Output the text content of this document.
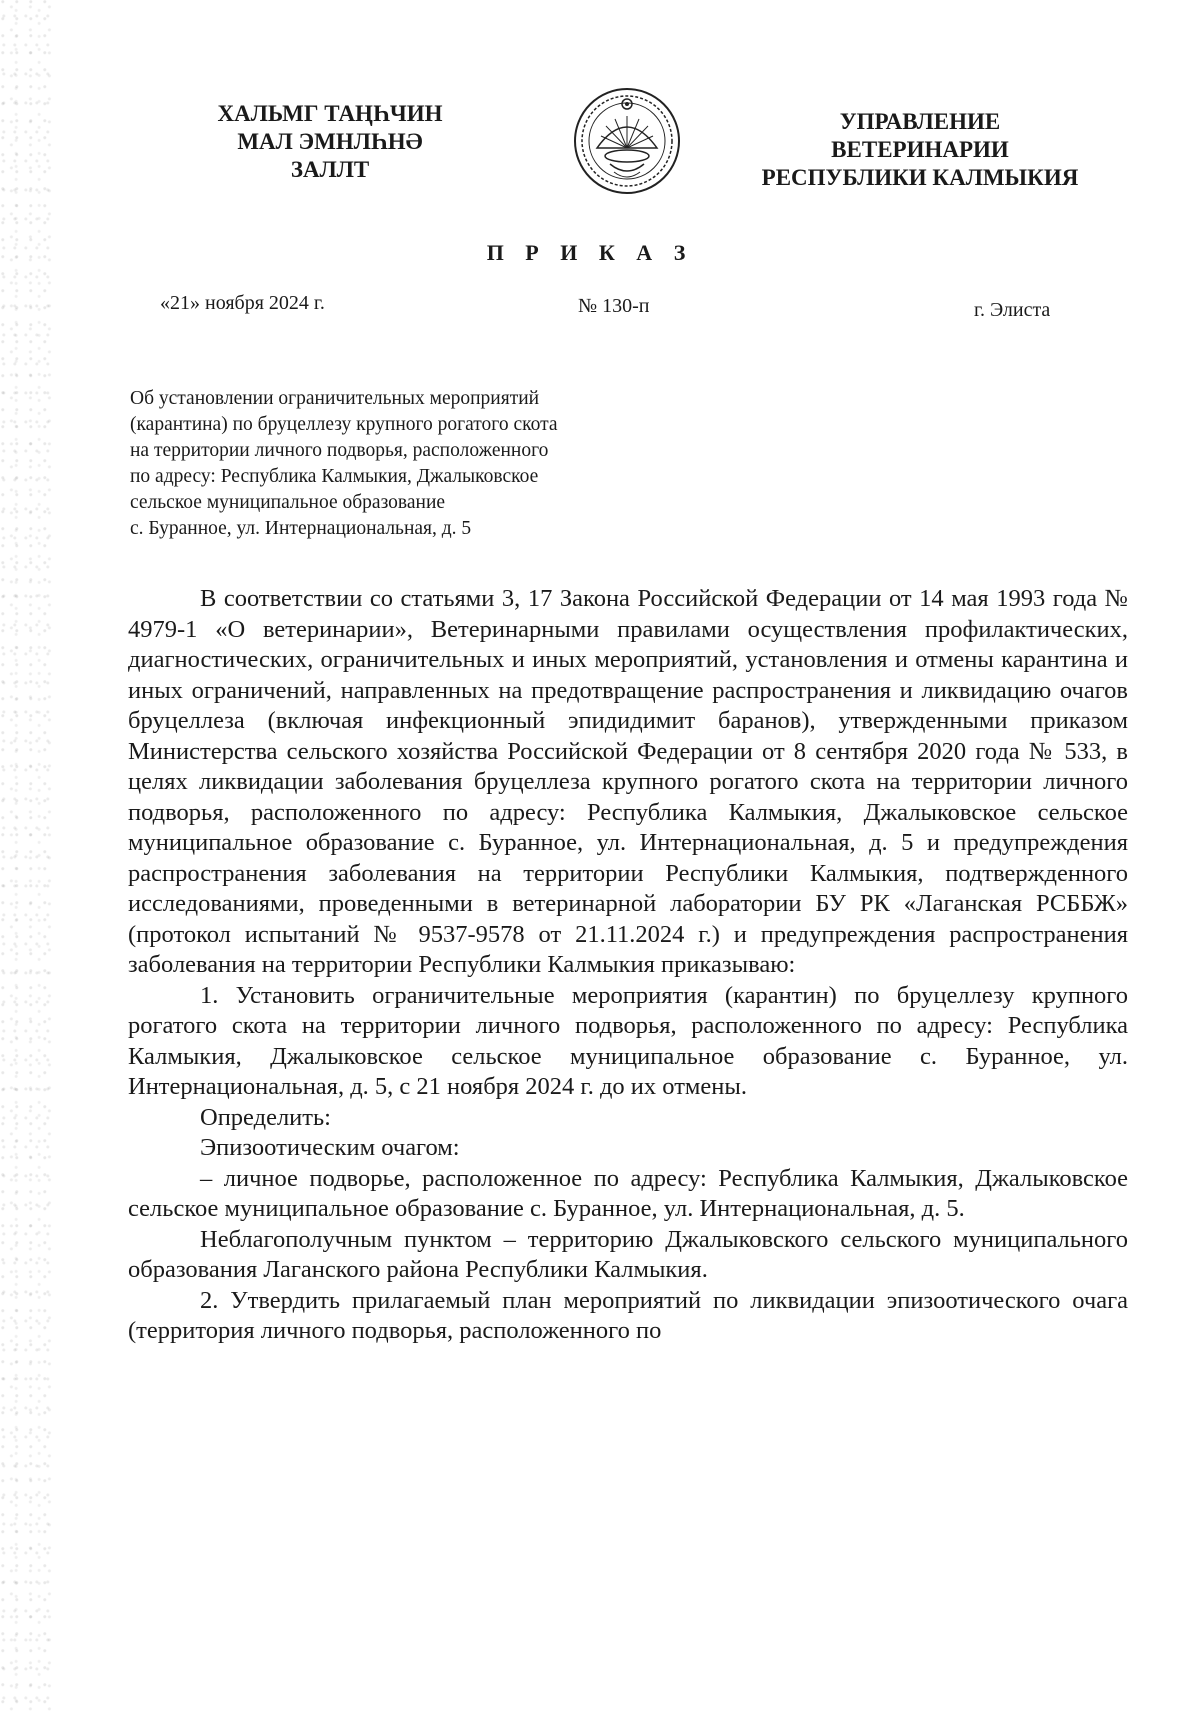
ХАЛЬМГ ТАҢҺЧИН
МАЛ ЭМНЛҺНӘ
ЗАЛЛТ
УПРАВЛЕНИЕ
ВЕТЕРИНАРИИ
РЕСПУБЛИКИ КАЛМЫКИЯ
П Р И К А З
«21» ноября 2024 г.	№ 130-п	г. Элиста
Об установлении ограничительных мероприятий
(карантина) по бруцеллезу крупного рогатого скота
на территории личного подворья, расположенного
по адресу: Республика Калмыкия, Джалыковское
сельское муниципальное образование
с. Буранное, ул. Интернациональная, д. 5

В соответствии со статьями 3, 17 Закона Российской Федерации от 14 мая 1993 года № 4979-1 «О ветеринарии», Ветеринарными правилами осуществления профилактических, диагностических, ограничительных и иных мероприятий, установления и отмены карантина и иных ограничений, направленных на предотвращение распространения и ликвидацию очагов бруцеллеза (включая инфекционный эпидидимит баранов), утвержденными приказом Министерства сельского хозяйства Российской Федерации от 8 сентября 2020 года № 533, в целях ликвидации заболевания бруцеллеза крупного рогатого скота на территории личного подворья, расположенного по адресу: Республика Калмыкия, Джалыковское сельское муниципальное образование с. Буранное, ул. Интернациональная, д. 5 и предупреждения распространения заболевания на территории Республики Калмыкия, подтвержденного исследованиями, проведенными в ветеринарной лаборатории БУ РК «Лаганская РСББЖ» (протокол испытаний № 9537-9578 от 21.11.2024 г.) и предупреждения распространения заболевания на территории Республики Калмыкия приказываю:

1. Установить ограничительные мероприятия (карантин) по бруцеллезу крупного рогатого скота на территории личного подворья, расположенного по адресу: Республика Калмыкия, Джалыковское сельское муниципальное образование с. Буранное, ул. Интернациональная, д. 5, с 21 ноября 2024 г. до их отмены.

Определить:

Эпизоотическим очагом:

– личное подворье, расположенное по адресу: Республика Калмыкия, Джалыковское сельское муниципальное образование с. Буранное, ул. Интернациональная, д. 5.

Неблагополучным пунктом – территорию Джалыковского сельского муниципального образования Лаганского района Республики Калмыкия.

2. Утвердить прилагаемый план мероприятий по ликвидации эпизоотического очага (территория личного подворья, расположенного по
